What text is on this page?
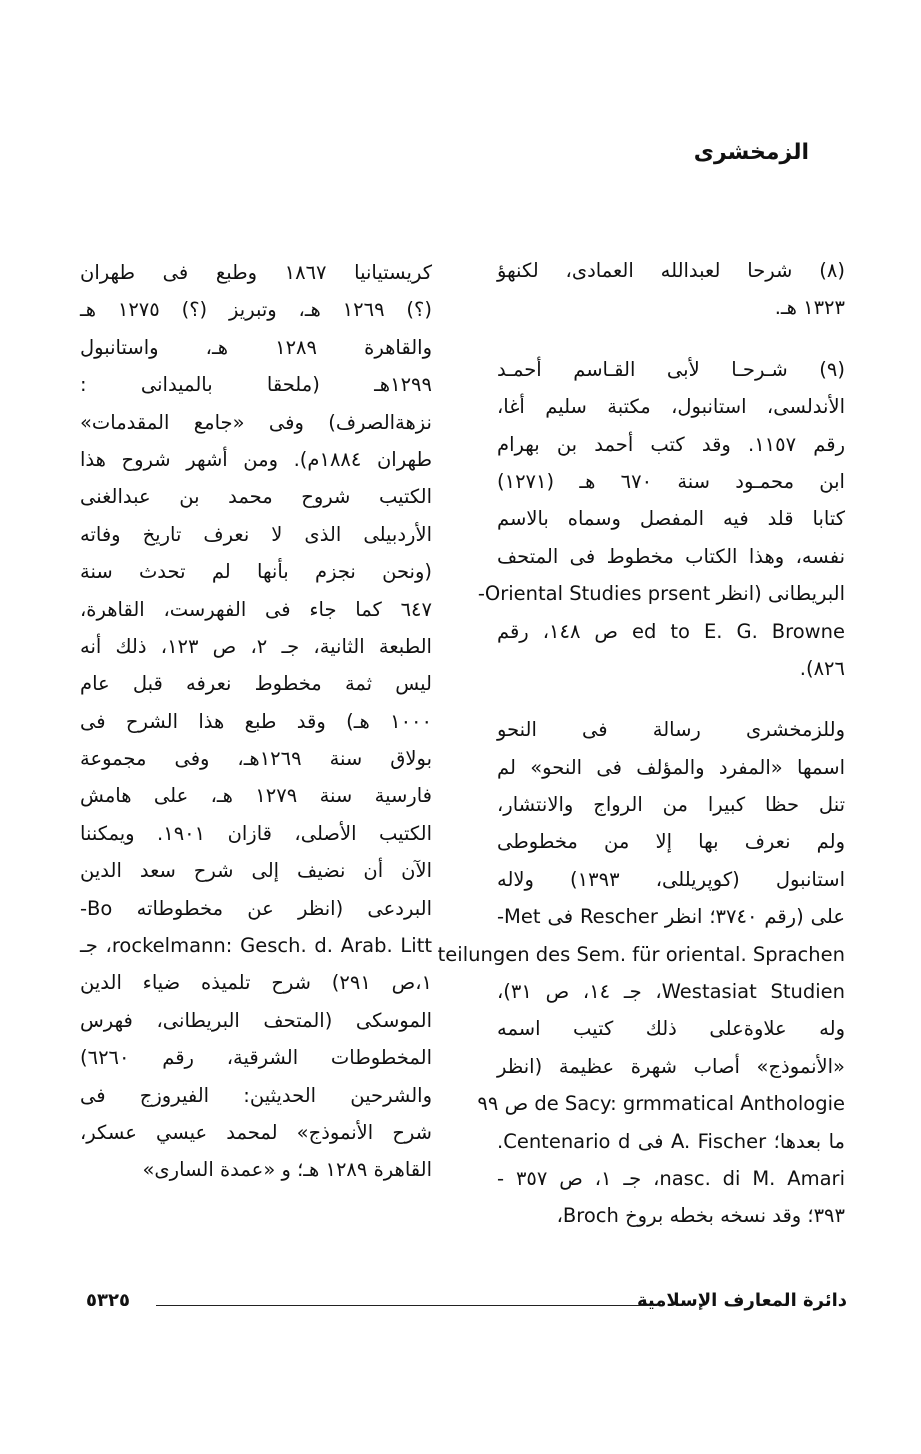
الزمخشرى
(٨) شرحا لعبدالله العمادى، لكنهؤ
١٣٢٣ هـ.
(٩) شـرحـا لأبى القـاسم أحمـد
الأندلسى، استانبول، مكتبة سليم أغا،
رقم ١١٥٧. وقد كتب أحمد بن بهرام
ابن محمـود سنة ٦٧٠ هـ (١٢٧١)
كتابا قلد فيه المفصل وسماه بالاسم
نفسه، وهذا الكتاب مخطوط فى المتحف
البريطانى (انظر Oriental Studies prsent-
ed to E. G. Browne ص ١٤٨، رقم
٨٢٦).
وللزمخشرى رسالة فى النحو
اسمها «المفرد والمؤلف فى النحو» لم
تنل حظا كبيرا من الرواج والانتشار،
ولم نعرف بها إلا من مخطوطى
استانبول (كوپريللى، ١٣٩٣) ولاله
على (رقم ٣٧٤٠؛ انظر Rescher فى Met-
teilungen des Sem. für oriental. Sprachen
Westasiat Studien، جـ ١٤، ص ٣١)،
وله علاوةعلى ذلك كتيب اسمه
«الأنموذج» أصاب شهرة عظيمة (انظر
de Sacy: grmmatical Anthologie ص ٩٩
ما بعدها؛ A. Fischer فى Centenario d.
nasc. di M. Amari، جـ ١، ص ٣٥٧ -
٣٩٣؛ وقد نسخه بخطه بروخ Broch،
كريستيانيا ١٨٦٧ وطبع فى طهران
(؟) ١٢٦٩ هـ، وتبريز (؟) ١٢٧٥ هـ
والقاهرة ١٢٨٩ هـ، واستانبول
١٢٩٩هـ (ملحقا بالميدانى :
نزهةالصرف) وفى «جامع المقدمات»
طهران ١٨٨٤م). ومن أشهر شروح هذا
الكتيب شروح محمد بن عبدالغنى
الأردبيلى الذى لا نعرف تاريخ وفاته
(ونحن نجزم بأنها لم تحدث سنة
٦٤٧ كما جاء فى الفهرست، القاهرة،
الطبعة الثانية، جـ ٢، ص ١٢٣، ذلك أنه
ليس ثمة مخطوط نعرفه قبل عام
١٠٠٠ هـ) وقد طبع هذا الشرح فى
بولاق سنة ١٢٦٩هـ، وفى مجموعة
فارسية سنة ١٢٧٩ هـ، على هامش
الكتيب الأصلى، قازان ١٩٠١. ويمكننا
الآن أن نضيف إلى شرح سعد الدين
البردعى (انظر عن مخطوطاته Bo-
rockelmann: Gesch. d. Arab. Litt، جـ
١،ص ٢٩١) شرح تلميذه ضياء الدين
الموسكى (المتحف البريطانى، فهرس
المخطوطات الشرقية، رقم ٦٢٦٠)
والشرحين الحديثين: الفيروزج فى
شرح الأنموذج» لمحمد عيسي عسكر،
القاهرة ١٢٨٩ هـ؛ و «عمدة السارى»
دائرة المعارف الإسلامية
٥٣٢٥
